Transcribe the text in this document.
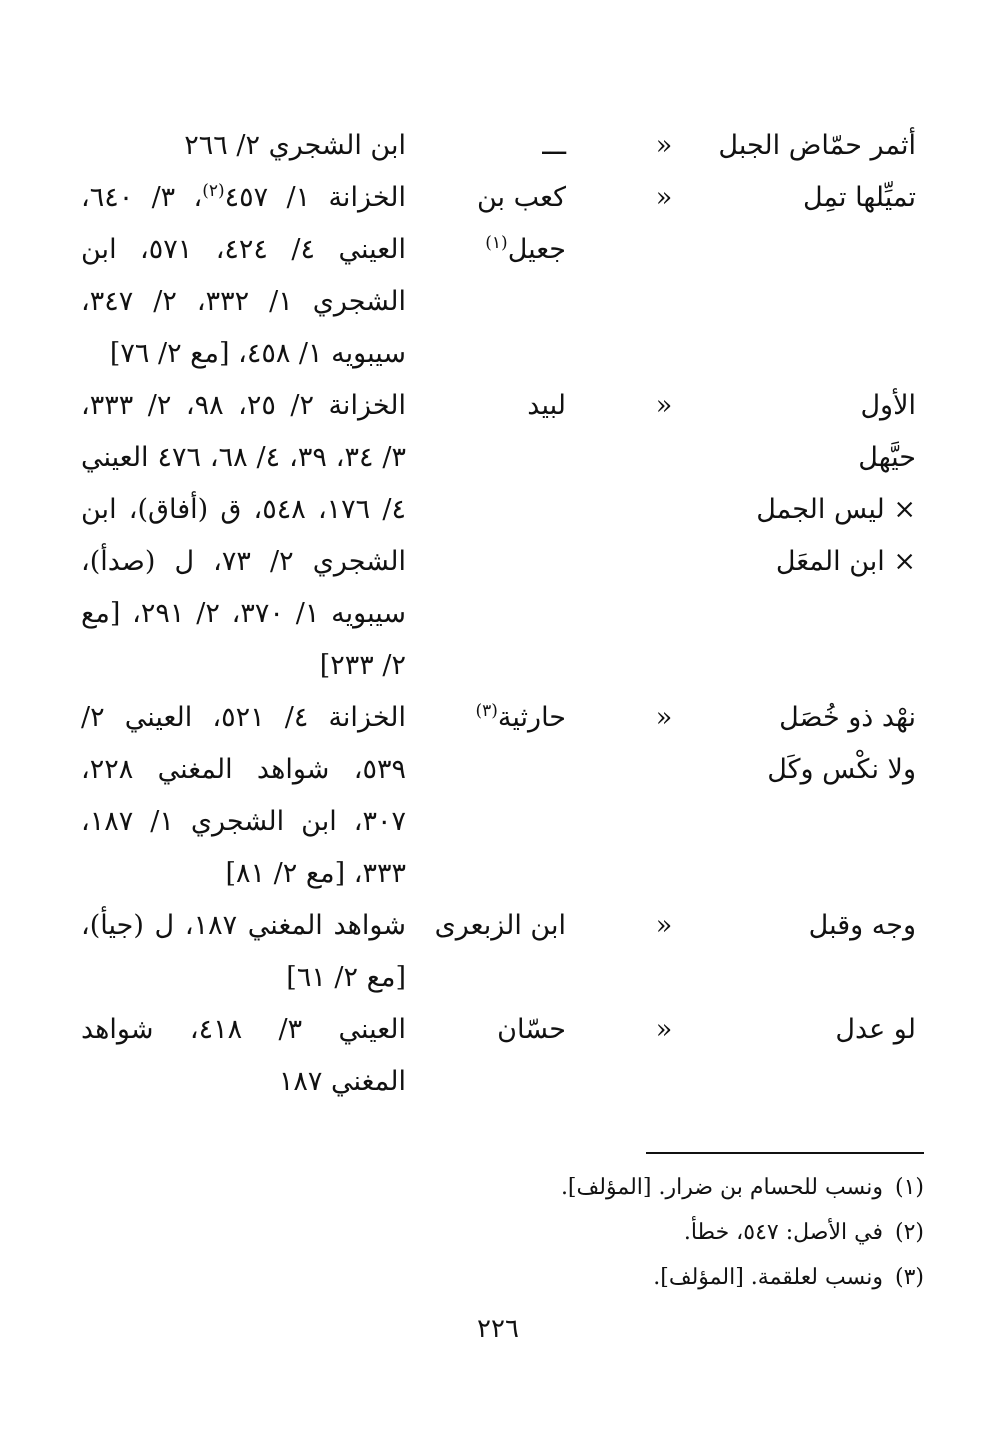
أثمر حمّاض الجبل
«
ـــ
ابن الشجري ٢/ ٢٦٦
تميِّلها تمِل
«
كعب بن جعيل$^{(١)}$
الخزانة ١/ ٤٥٧$^{(٢)}$، ٣/ ٦٤٠، العيني ٤/ ٤٢٤، ٥٧١، ابن الشجري ١/ ٣٣٢، ٢/ ٣٤٧، سيبويه ١/ ٤٥٨، [مع ٢/ ٧٦]
الأول
حيَّهل
× ليس الجمل
× ابن المعَل
«
لبيد
الخزانة ٢/ ٢٥، ٩٨، ٢/ ٣٣٣، ٣/ ٣٤، ٣٩، ٤/ ٦٨، ٤٧٦ العيني ٤/ ١٧٦، ٥٤٨، ق (أفاق)، ابن الشجري ٢/ ٧٣، ل (صدأ)، سيبويه ١/ ٣٧٠، ٢/ ٢٩١، [مع ٢/ ٢٣٣]
نهْد ذو خُصَل
ولا نكْس وكَل
«
حارثية$^{(٣)}$
الخزانة ٤/ ٥٢١، العيني ٢/ ٥٣٩، شواهد المغني ٢٢٨، ٣٠٧، ابن الشجري ١/ ١٨٧، ٣٣٣، [مع ٢/ ٨١]
وجه وقبل
«
ابن الزبعرى
شواهد المغني ١٨٧، ل (جيأ)، [مع ٢/ ٦١]
لو عدل
«
حسّان
العيني ٣/ ٤١٨، شواهد المغني ١٨٧
(١)ونسب للحسام بن ضرار. [المؤلف].
(٢)في الأصل: ٥٤٧، خطأ.
(٣)ونسب لعلقمة. [المؤلف].
٢٢٦
